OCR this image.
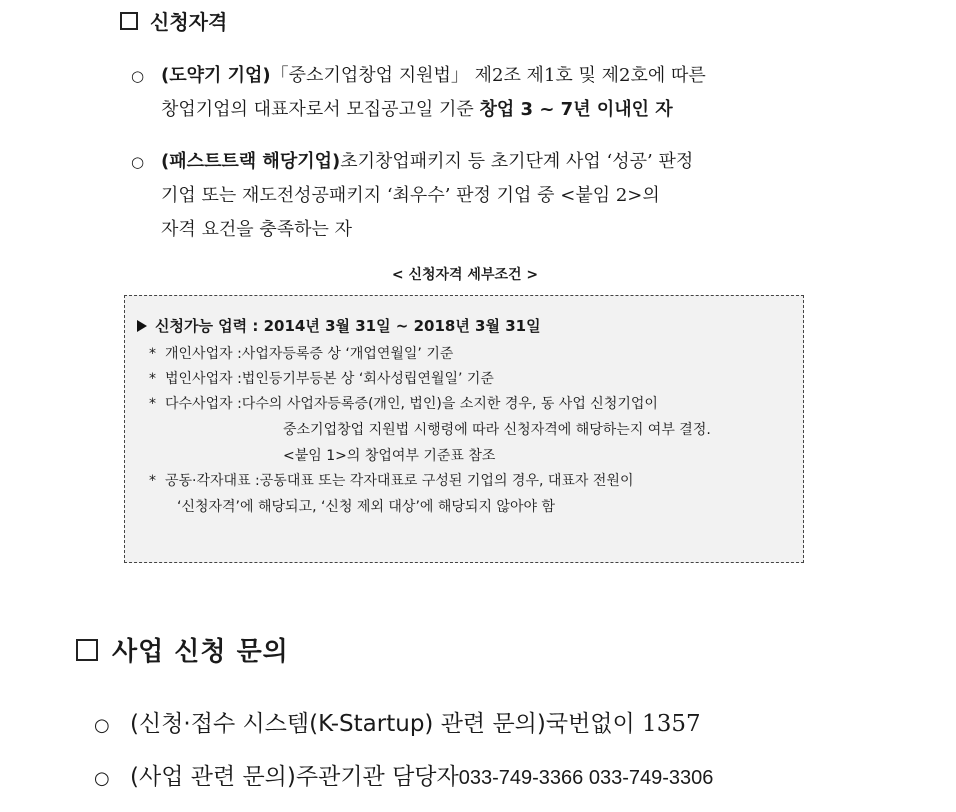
신청자격
○ (도약기 기업) 「중소기업창업 지원법」 제2조 제1호 및 제2호에 따른
창업기업의 대표자로서 모집공고일 기준 창업 3 ~ 7년 이내인 자
○ (패스트트랙 해당기업) 초기창업패키지 등 초기단계 사업 ‘성공’ 판정
기업 또는 재도전성공패키지 ‘최우수’ 판정 기업 중 <붙임 2>의
자격 요건을 충족하는 자
< 신청자격 세부조건 >
신청가능 업력 : 2014년 3월 31일 ~ 2018년 3월 31일
* 개인사업자 : 사업자등록증 상 ‘개업연월일’ 기준
* 법인사업자 : 법인등기부등본 상 ‘회사성립연월일’ 기준
* 다수사업자 : 다수의 사업자등록증(개인, 법인)을 소지한 경우, 동 사업 신청기업이
중소기업창업 지원법 시행령에 따라 신청자격에 해당하는지 여부 결정.
<붙임 1>의 창업여부 기준표 참조
* 공동·각자대표 : 공동대표 또는 각자대표로 구성된 기업의 경우, 대표자 전원이
‘신청자격’에 해당되고, ‘신청 제외 대상’에 해당되지 않아야 함
사업 신청 문의
○ (신청·접수 시스템(K-Startup) 관련 문의) 국번없이 1357
○ (사업 관련 문의) 주관기관 담당자 033-749-3366 033-749-3306
